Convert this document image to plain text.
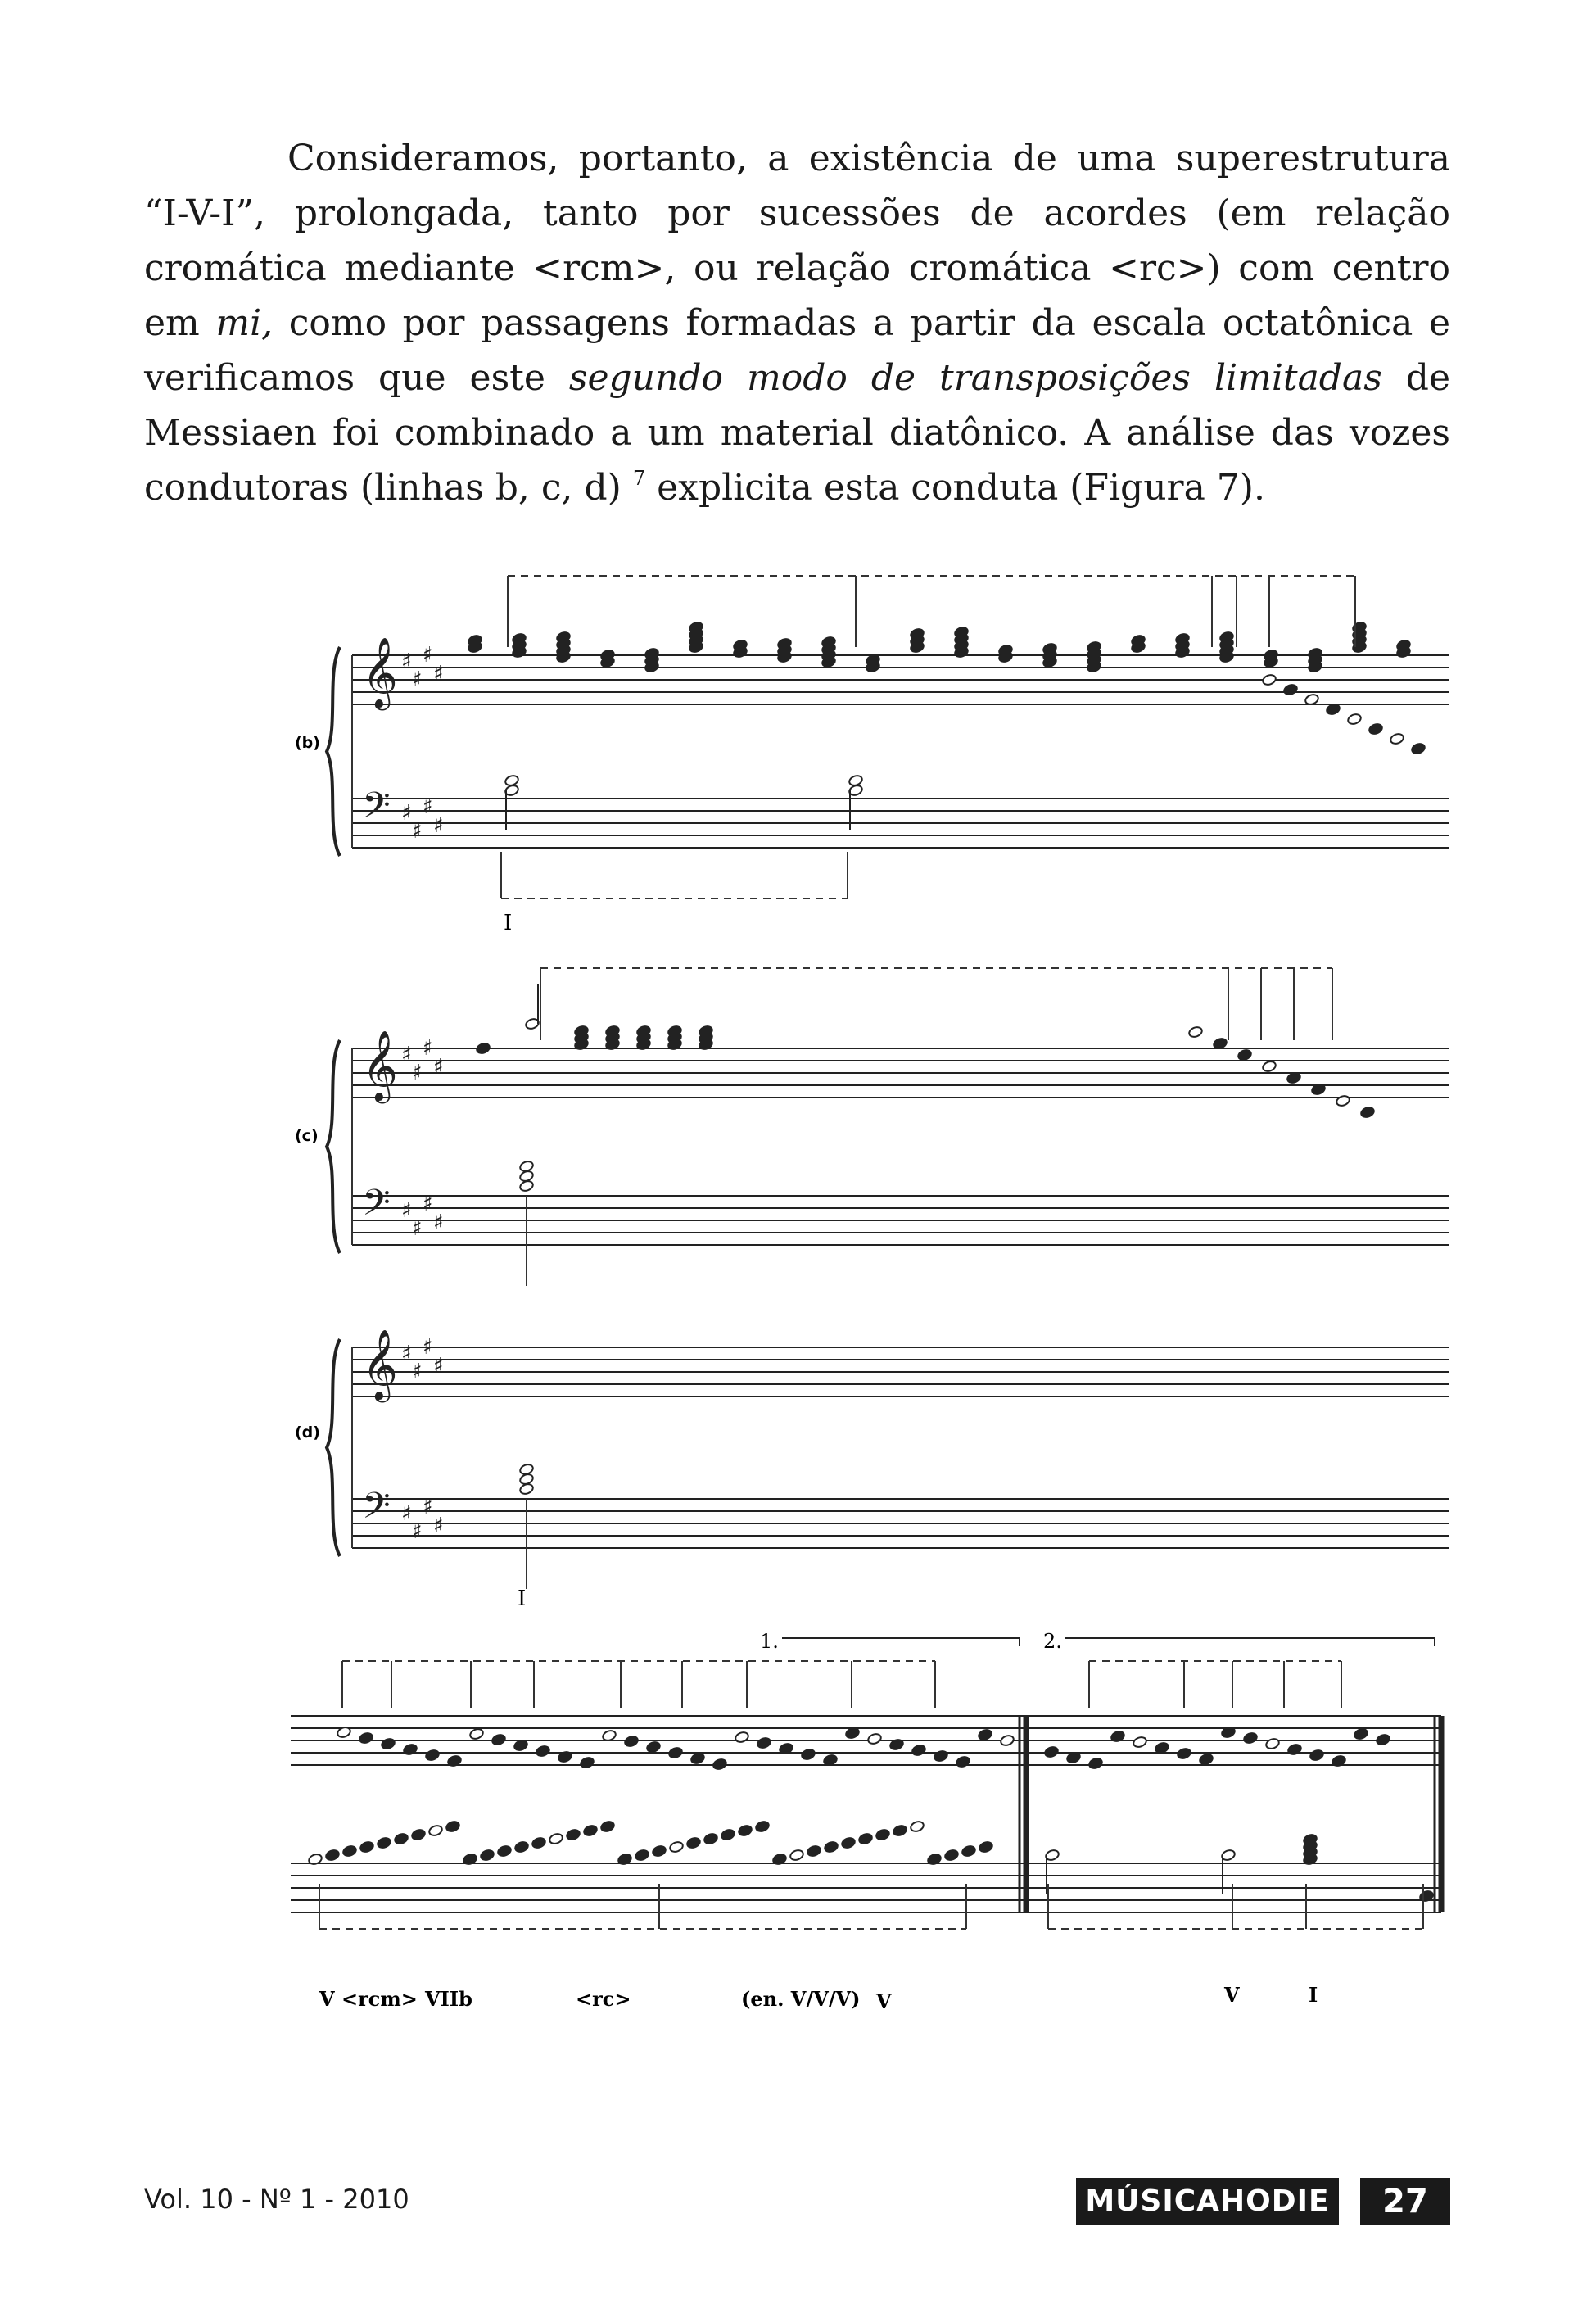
Consideramos, portanto, a existência de uma superestrutura “I-V-I”, prolongada, tanto por sucessões de acordes (em relação cromática mediante <rcm>, ou relação cromática <rc>) com centro em mi, como por passagens formadas a partir da escala octatônica e verificamos que este segundo modo de transposições limitadas de Messiaen foi combinado a um material diatônico. A análise das vozes condutoras (linhas b, c, d) $^7$ explicita esta conduta (Figura 7).

𝄞 ♯
♯
♯
♯
𝄢 ♯
♯
♯
♯
𝄞 ♯
♯
♯
♯
𝄢 ♯
♯
♯
♯
𝄞 ♯
♯
♯
♯
𝄢 ♯
♯
♯
♯
(b)
(c)
(d)
I
I
1.	2.
V <rcm> VIIb	<rc>	(en. V/V/V) V	V	I
Vol. 10 - Nº 1 - 2010	MÚSICAHODIE	27
